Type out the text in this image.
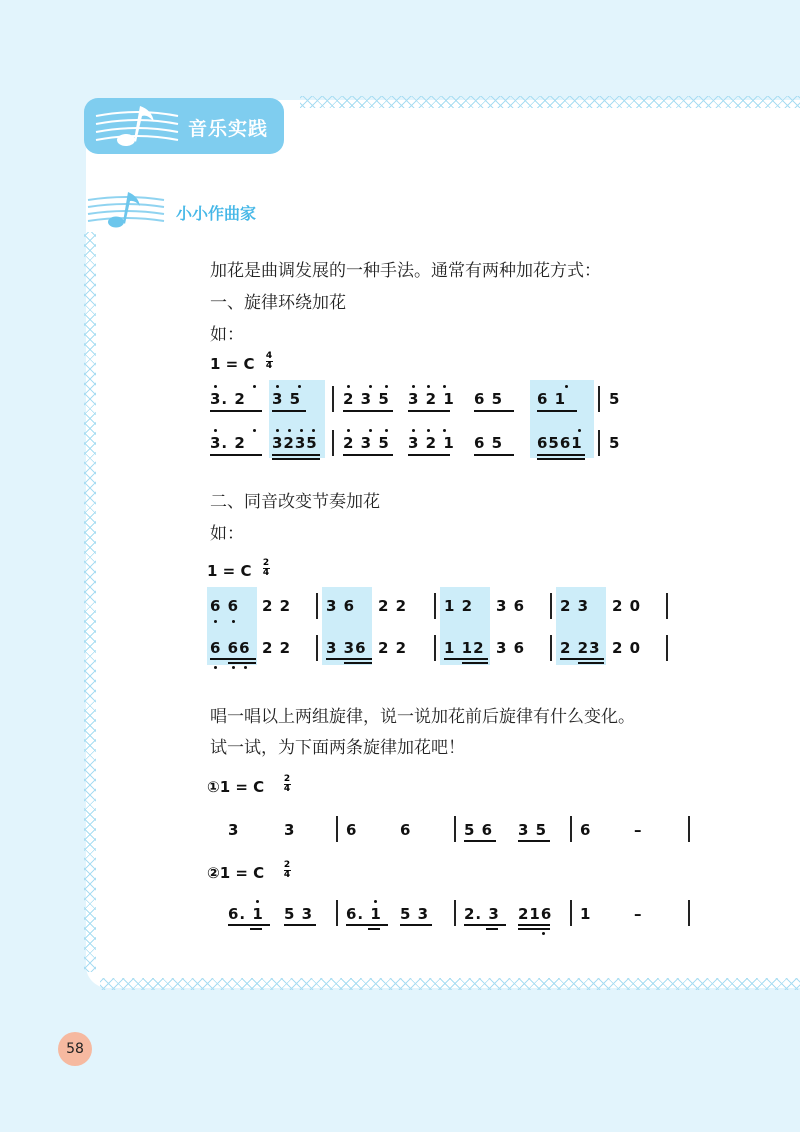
音乐实践
小小作曲家
加花是曲调发展的一种手法。通常有两种加花方式：
一、旋律环绕加花
如：
1 = C 4
4
3. 2 3 5	2 3 5 3 2 1 6 5 6 1	5
3. 2 3235 2 3 5 3 2 1 6 5 6561 5
二、同音改变节奏加花
如：
1 = C 2
4
6 6 2 2 3 6 2 2 1 2 3 6 2 3 2 0
6 66 2 2 3 36 2 2 1 12 3 6 2 23 2 0
唱一唱以上两组旋律，说一说加花前后旋律有什么变化。
试一试，为下面两条旋律加花吧！
①1 = C 2
4
3	3	6	6	5 6 3 5 6	–
②1 = C 2
4
6. 1 5 3 6. 1 5 3 2. 3 216 1	–
58
